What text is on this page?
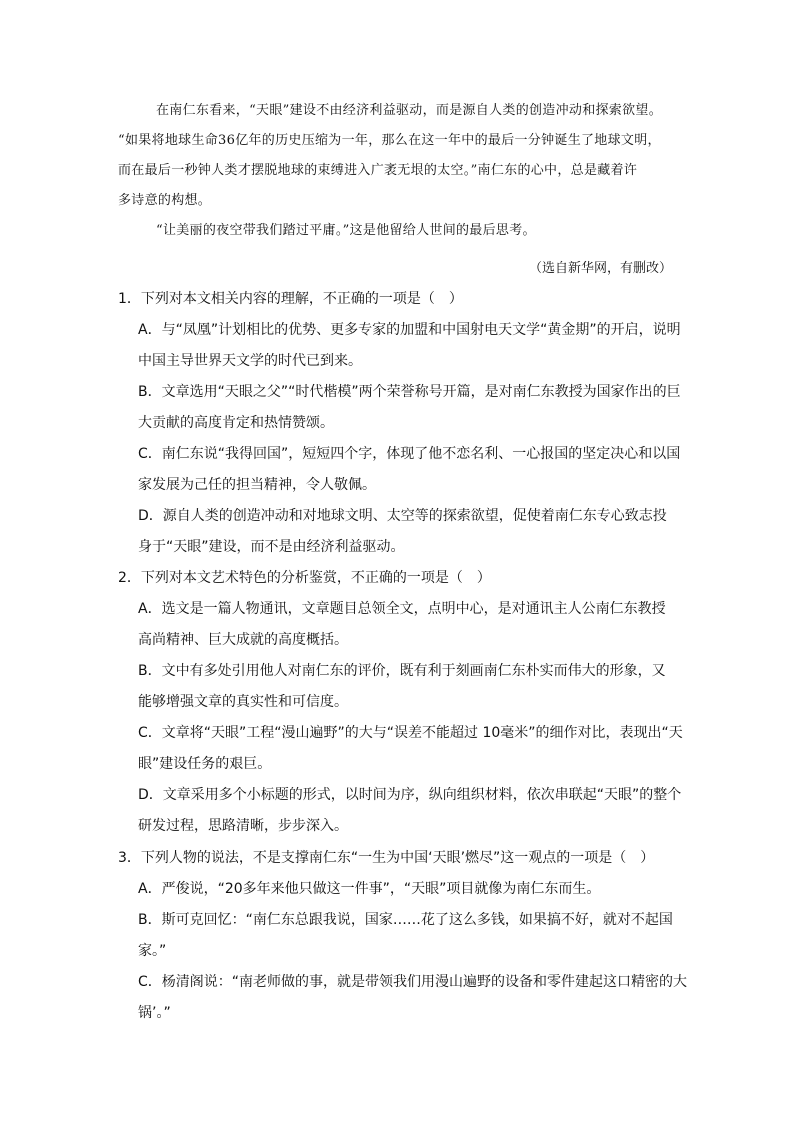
在南仁东看来，“天眼”建设不由经济利益驱动，而是源自人类的创造冲动和探索欲望。
“如果将地球生命36亿年的历史压缩为一年，那么在这一年中的最后一分钟诞生了地球文明，
而在最后一秒钟人类才摆脱地球的束缚进入广袤无垠的太空。”南仁东的心中，总是藏着许
多诗意的构想。
“让美丽的夜空带我们踏过平庸。”这是他留给人世间的最后思考。
（选自新华网，有删改）
1．下列对本文相关内容的理解，不正确的一项是（　）
A．与“凤凰”计划相比的优势、更多专家的加盟和中国射电天文学“黄金期”的开启，说明
中国主导世界天文学的时代已到来。
B．文章选用“天眼之父”“时代楷模”两个荣誉称号开篇，是对南仁东教授为国家作出的巨
大贡献的高度肯定和热情赞颂。
C．南仁东说“我得回国”，短短四个字，体现了他不恋名利、一心报国的坚定决心和以国
家发展为己任的担当精神，令人敬佩。
D．源自人类的创造冲动和对地球文明、太空等的探索欲望，促使着南仁东专心致志投
身于“天眼”建设，而不是由经济利益驱动。
2．下列对本文艺术特色的分析鉴赏，不正确的一项是（　）
A．选文是一篇人物通讯，文章题目总领全文，点明中心，是对通讯主人公南仁东教授
高尚精神、巨大成就的高度概括。
B．文中有多处引用他人对南仁东的评价，既有利于刻画南仁东朴实而伟大的形象，又
能够增强文章的真实性和可信度。
C．文章将“天眼”工程“漫山遍野”的大与“误差不能超过 10毫米”的细作对比，表现出“天
眼”建设任务的艰巨。
D．文章采用多个小标题的形式，以时间为序，纵向组织材料，依次串联起“天眼”的整个
研发过程，思路清晰，步步深入。
3．下列人物的说法，不是支撑南仁东“一生为中国‘天眼’燃尽”这一观点的一项是（　）
A．严俊说，“20多年来他只做这一件事”，“天眼”项目就像为南仁东而生。
B．斯可克回忆：“南仁东总跟我说，国家……花了这么多钱，如果搞不好，就对不起国
家。”
C．杨清阁说：“南老师做的事，就是带领我们用漫山遍野的设备和零件建起这口精密的大
锅’。”
